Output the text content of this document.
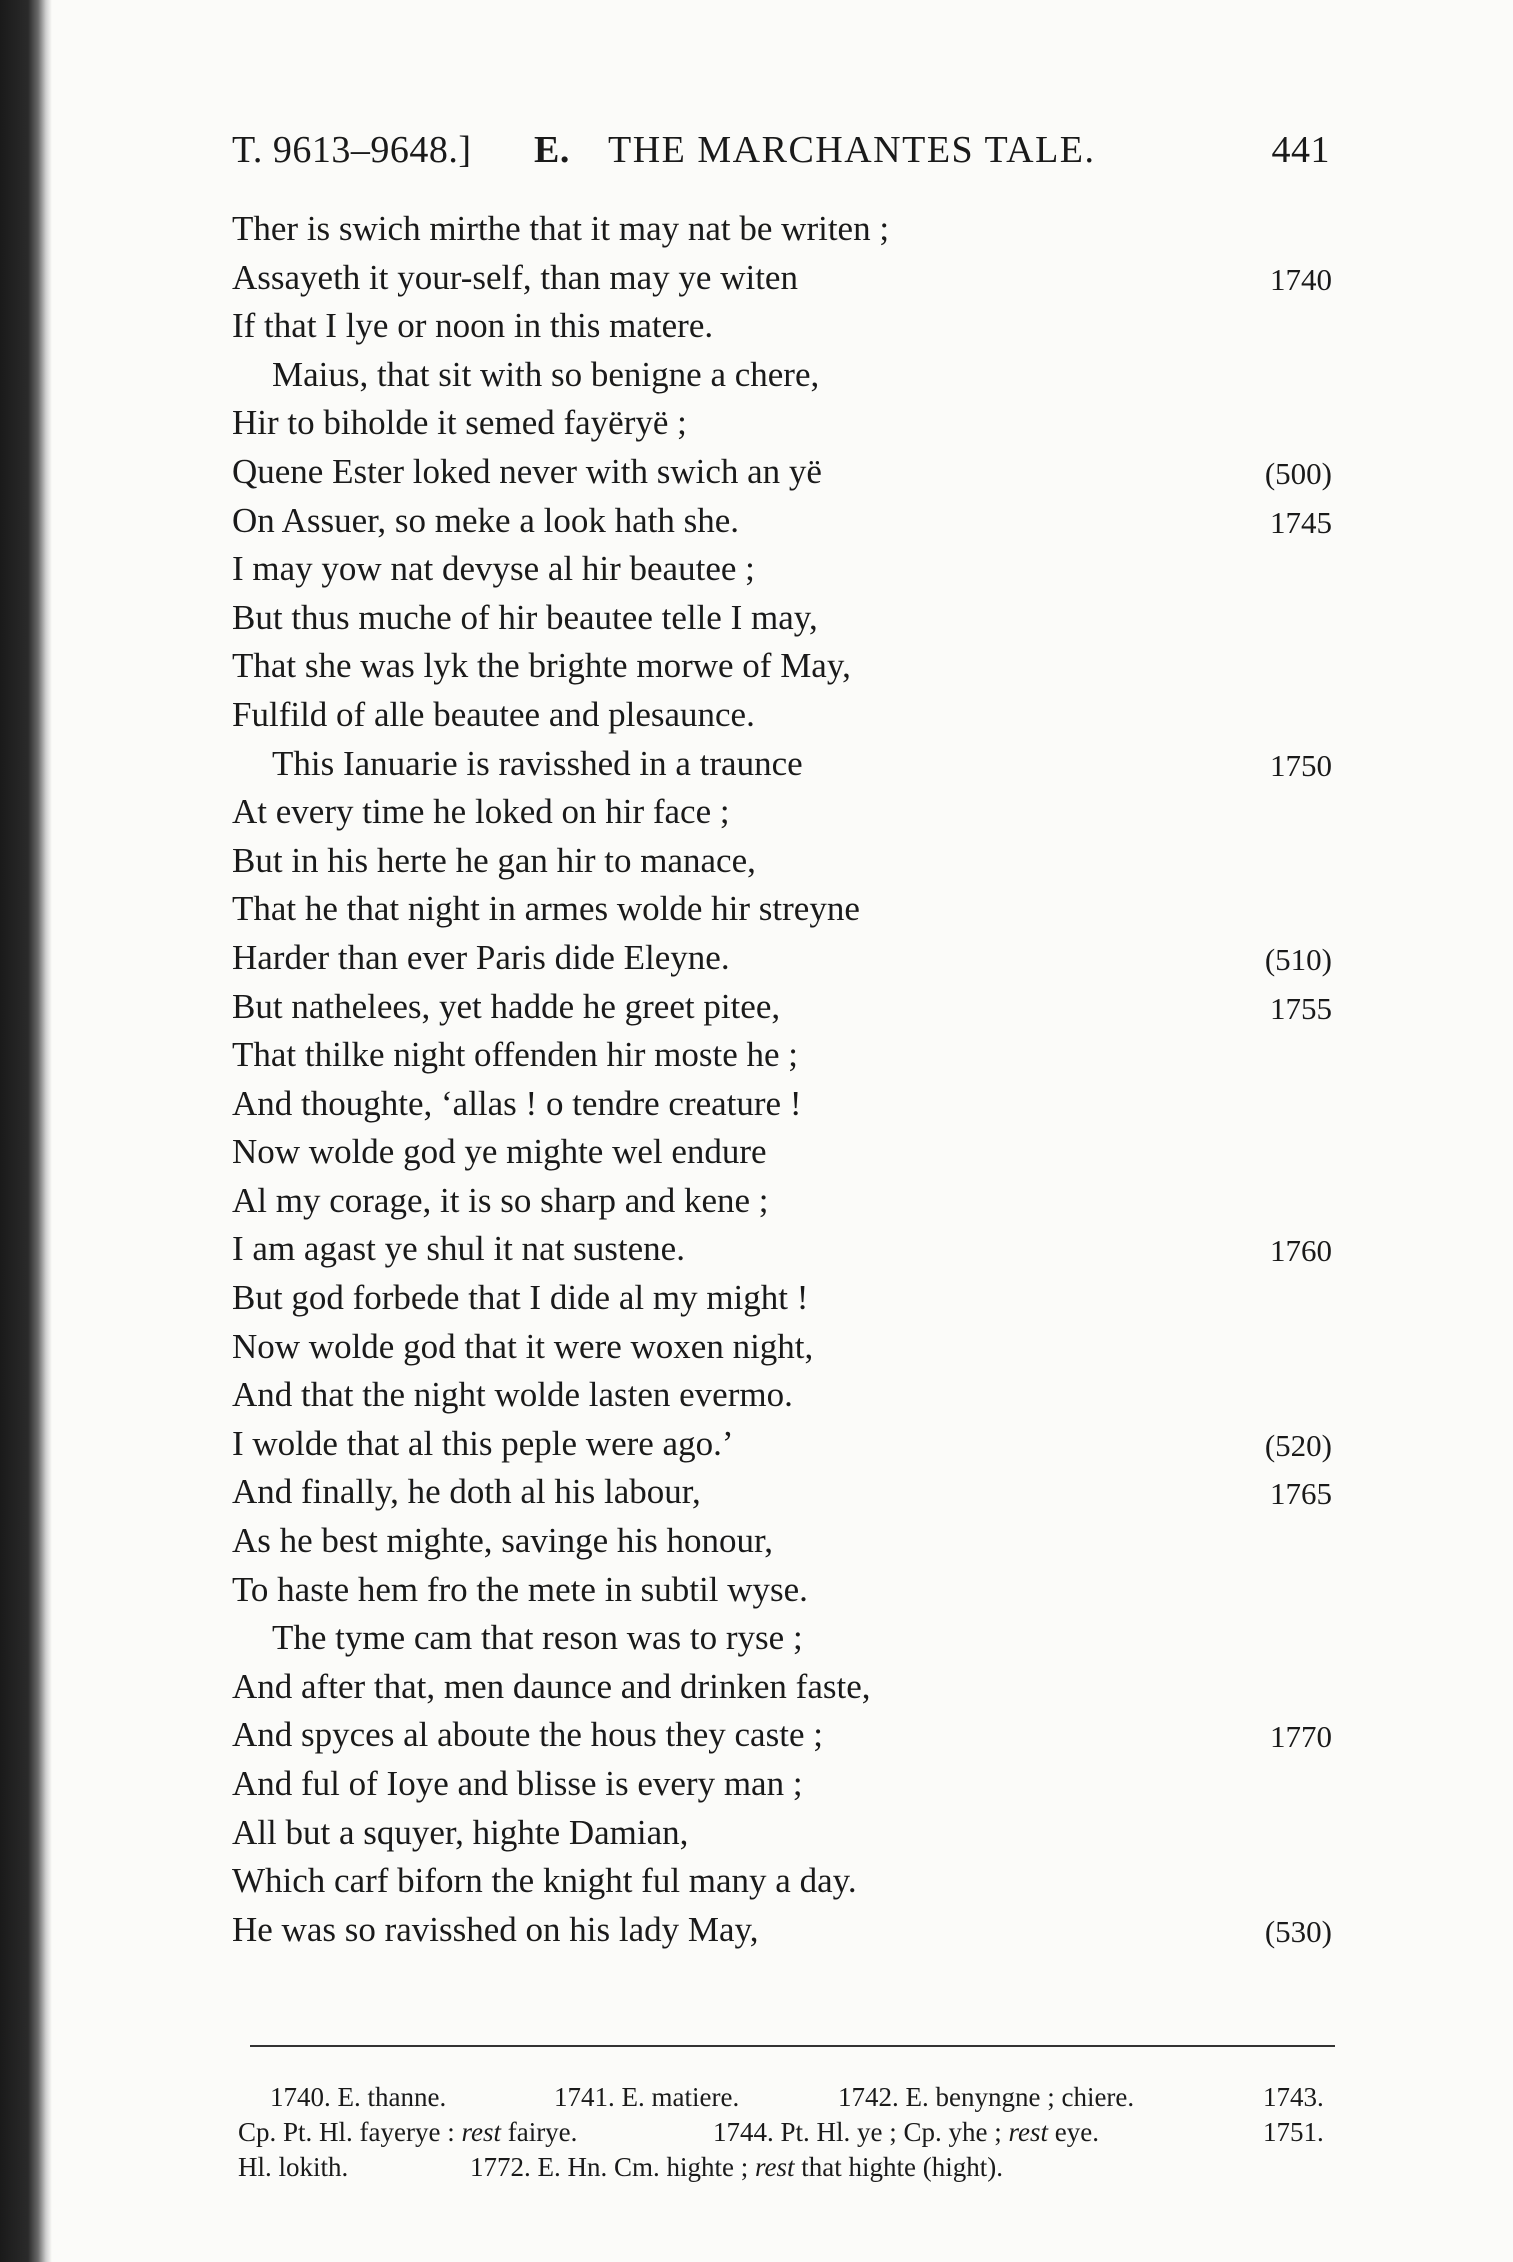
T. 9613–9648.] E. THE MARCHANTES TALE.	441
Ther is swich mirthe that it may nat be writen ;
Assayeth it your-self, than may ye witen	1740
If that I lye or noon in this matere.
Maius, that sit with so benigne a chere,
Hir to biholde it semed fayëryë ;
Quene Ester loked never with swich an yë	(500)
On Assuer, so meke a look hath she.	1745
I may yow nat devyse al hir beautee ;
But thus muche of hir beautee telle I may,
That she was lyk the brighte morwe of May,
Fulfild of alle beautee and plesaunce.
This Ianuarie is ravisshed in a traunce	1750
At every time he loked on hir face ;
But in his herte he gan hir to manace,
That he that night in armes wolde hir streyne
Harder than ever Paris dide Eleyne.	(510)
But nathelees, yet hadde he greet pitee,	1755
That thilke night offenden hir moste he ;
And thoughte, ‘allas ! o tendre creature !
Now wolde god ye mighte wel endure
Al my corage, it is so sharp and kene ;
I am agast ye shul it nat sustene.	1760
But god forbede that I dide al my might !
Now wolde god that it were woxen night,
And that the night wolde lasten evermo.
I wolde that al this peple were ago.’	(520)
And finally, he doth al his labour,	1765
As he best mighte, savinge his honour,
To haste hem fro the mete in subtil wyse.
The tyme cam that reson was to ryse ;
And after that, men daunce and drinken faste,
And spyces al aboute the hous they caste ;	1770
And ful of Ioye and blisse is every man ;
All but a squyer, highte Damian,
Which carf biforn the knight ful many a day.
He was so ravisshed on his lady May,	(530)
1740. E. thanne.	1741. E. matiere.	1742. E. benyngne ; chiere.	1743.
Cp. Pt. Hl. fayerye : rest fairye.	1744. Pt. Hl. ye ; Cp. yhe ; rest eye.	1751.
Hl. lokith.	1772. E. Hn. Cm. highte ; rest that highte (hight).
